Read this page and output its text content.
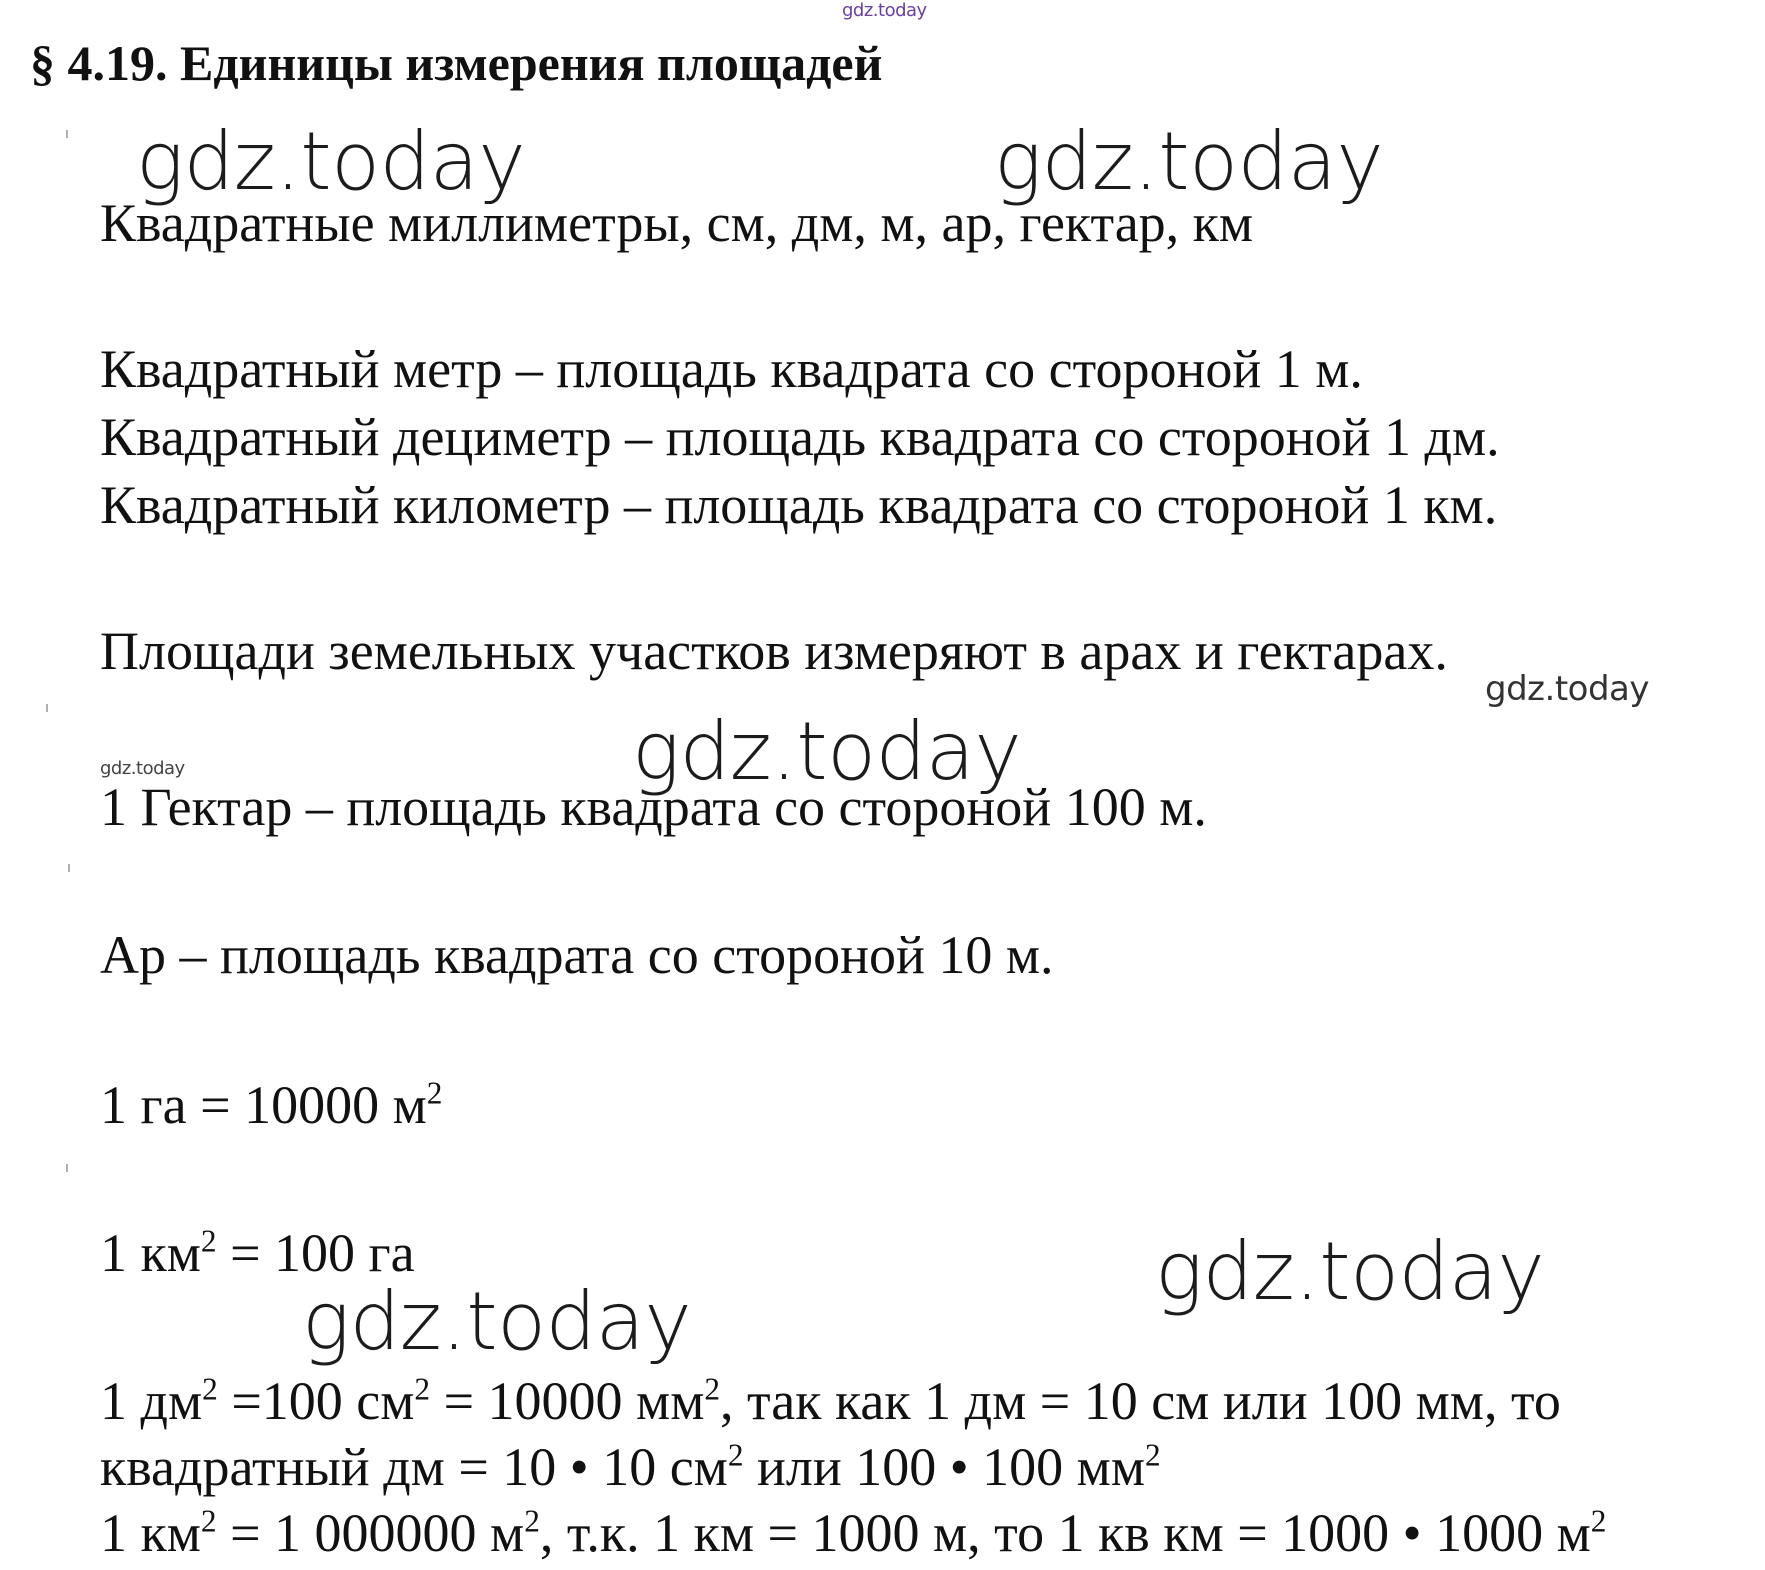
gdz.today
gdz.today	gdz.today
gdz.today
gdz.today	gdz.today
gdz.today
gdz.today
§ 4.19. Единицы измерения площадей
Квадратные миллиметры, см, дм, м, ар, гектар, км
Квадратный метр – площадь квадрата со стороной 1 м.
Квадратный дециметр – площадь квадрата со стороной 1 дм.
Квадратный километр – площадь квадрата со стороной 1 км.
Площади земельных участков измеряют в арах и гектарах.
1 Гектар – площадь квадрата со стороной 100 м.
Ар – площадь квадрата со стороной 10 м.
1 га = 10000 $м^2$
1 $км^2 = 100$ га
1 $дм^2 =100$ $см^2 = 10000$ $мм^2$, так как 1 дм = 10 см или 100 мм, то
квадратный дм = 10 • 10 $см^2$ или 100 • 100 $мм^2$
1 $км^2 = 1$ 000000 $м^2$, т.к. 1 км = 1000 м, то 1 кв км = 1000 • 1000 $м^2$
